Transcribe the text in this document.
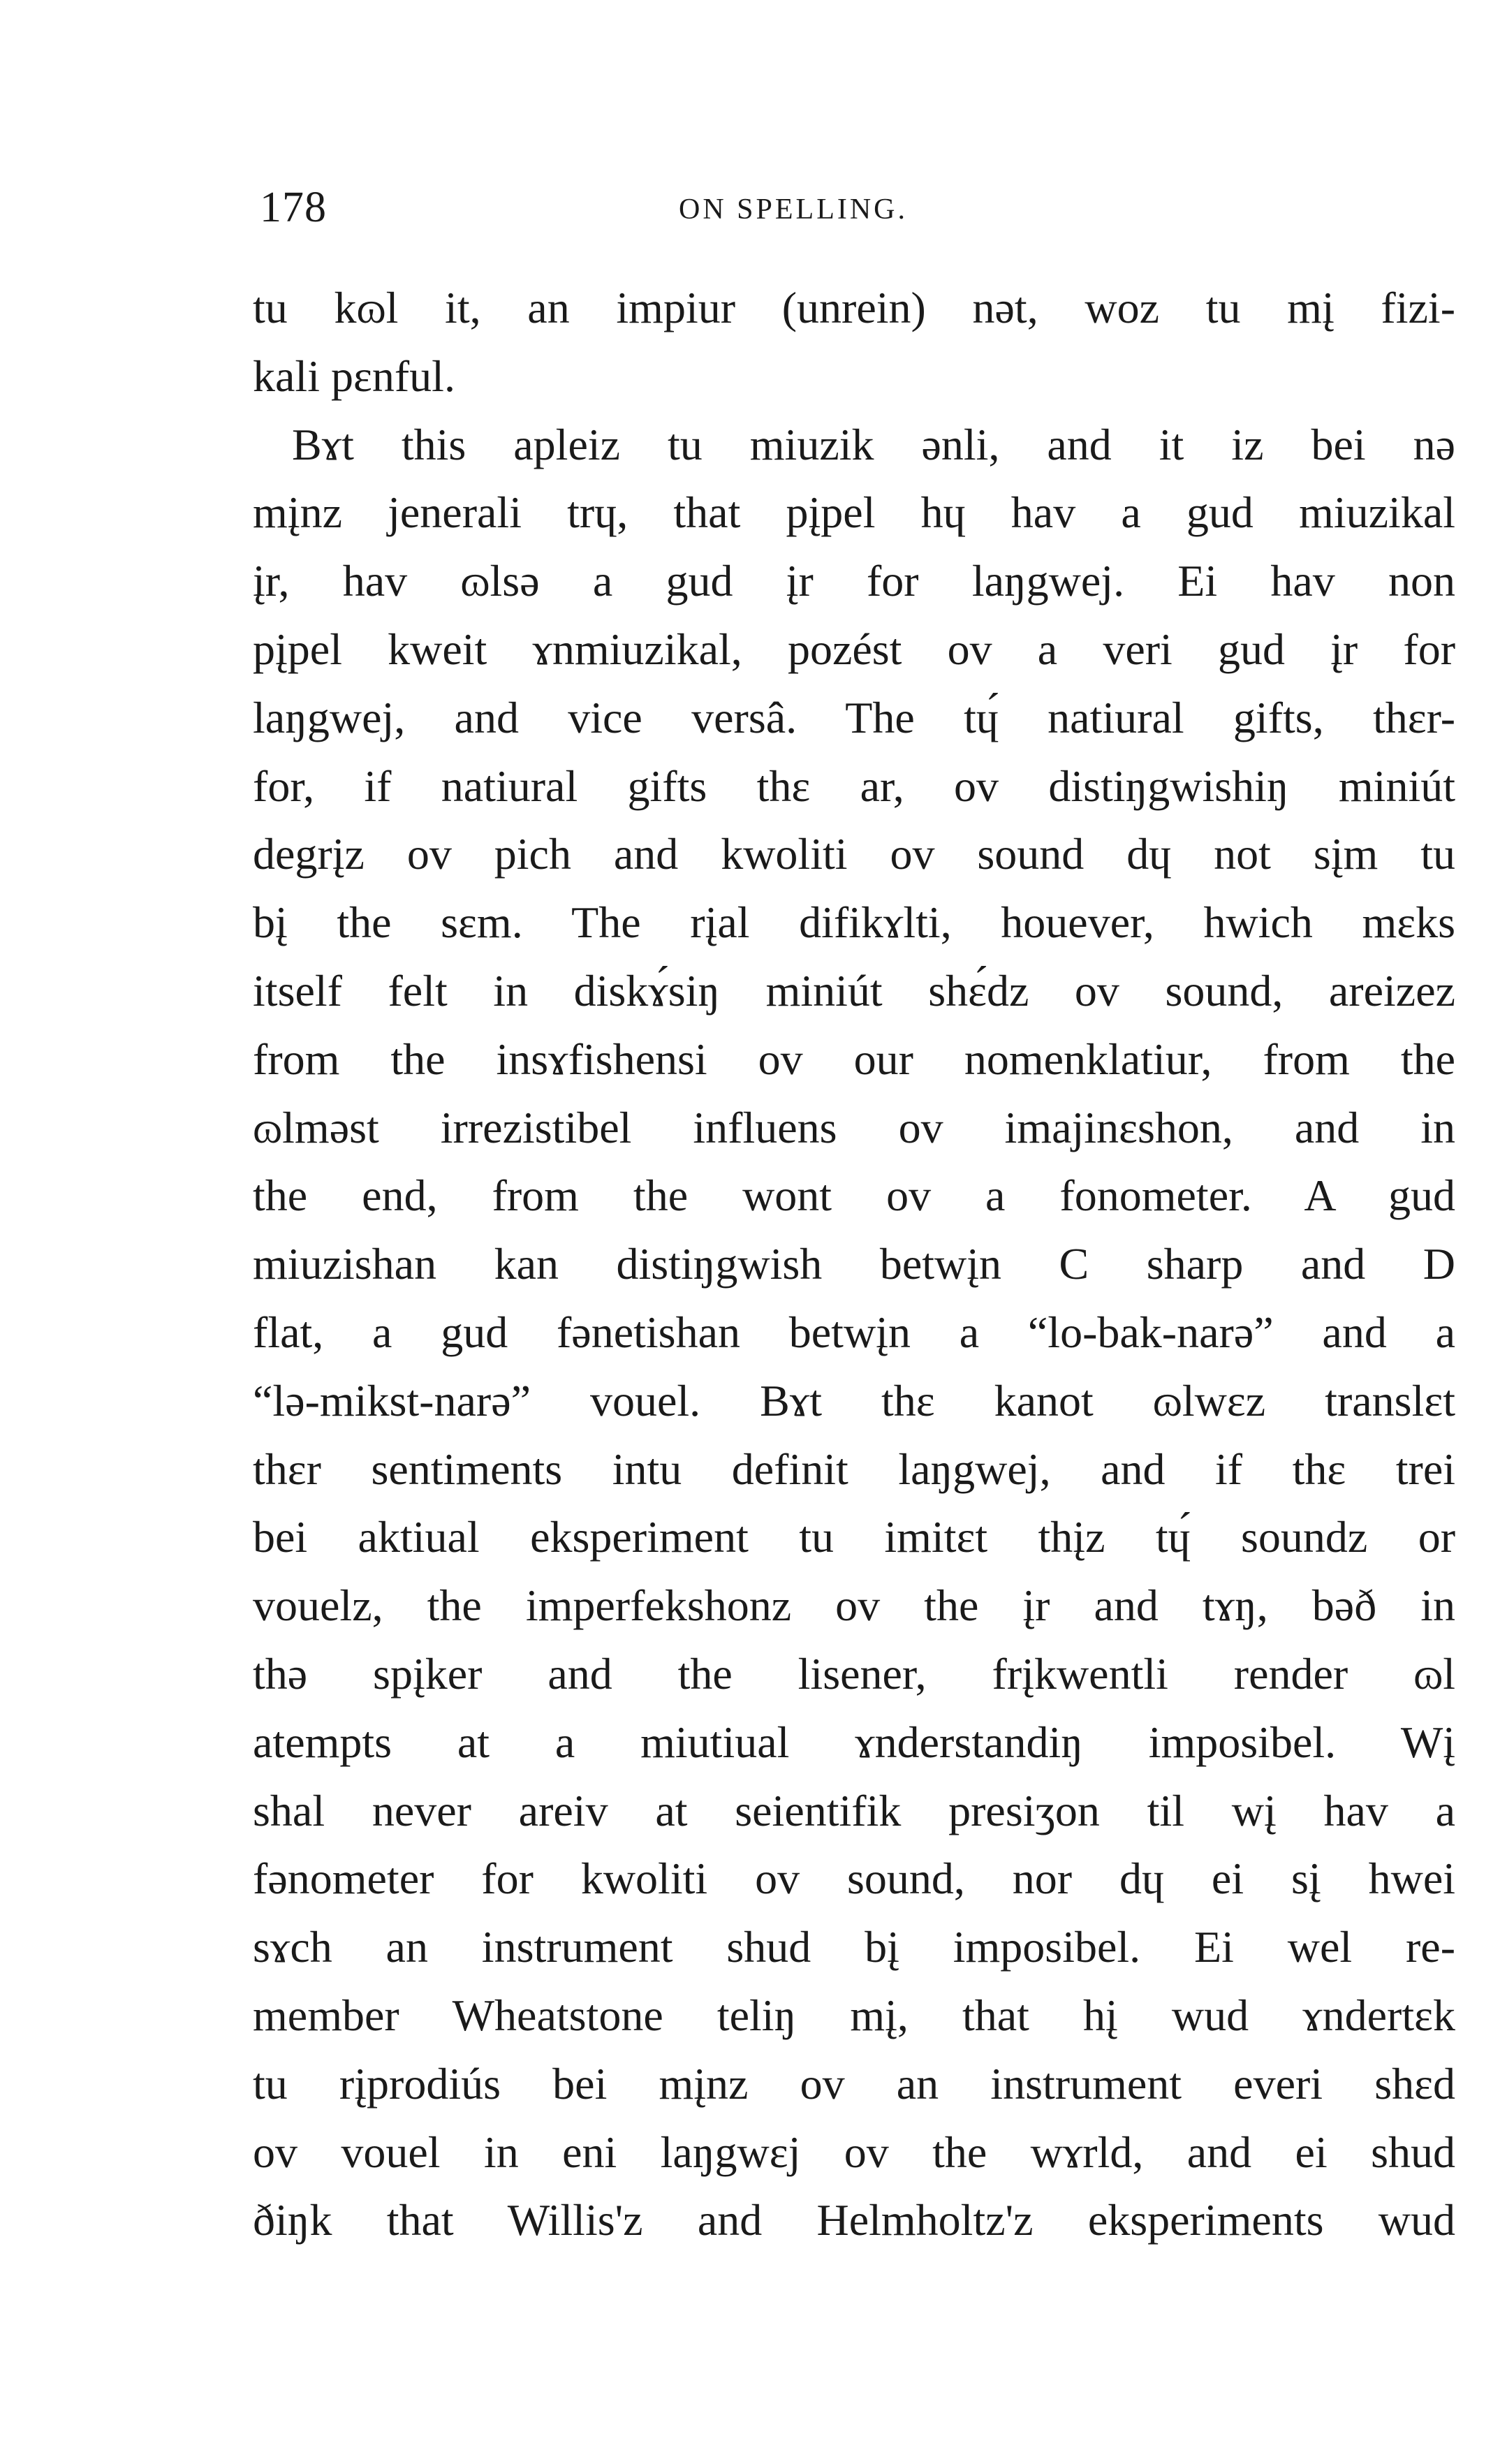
178	ON SPELLING.
tu kɷl it, an impiur (unrein) nət, woz tu mį fizi-
kali pɛnful.
Bɤt this apleiz tu miuzik ənli, and it iz bei nə
mįnz jenerali trɥ, that pįpel hɥ hav a gud miuzikal
įr, hav ɷlsə a gud įr for laŋgwej. Ei hav non
pįpel kweit ɤnmiuzikal, pozést ov a veri gud įr for
laŋgwej, and vice versâ. The tɥ́ natiural gifts, thɛr-
for, if natiural gifts thɛ ar, ov distiŋgwishiŋ miniút
degrįz ov pich and kwoliti ov sound dɥ not sįm tu
bį the sɛm. The rįal difikɤlti, houever, hwich mɛks
itself felt in diskɤ́siŋ miniút shɛ́dz ov sound, areizez
from the insɤfishensi ov our nomenklatiur, from the
ɷlməst irrezistibel influens ov imajinɛshon, and in
the end, from the wont ov a fonometer. A gud
miuzishan kan distiŋgwish betwįn C sharp and D
flat, a gud fənetishan betwįn a “lo-bak-narə” and a
“lə-mikst-narə” vouel. Bɤt thɛ kanot ɷlwɛz translɛt
thɛr sentiments intu definit laŋgwej, and if thɛ trei
bei aktiual eksperiment tu imitɛt thįz tɥ́ soundz or
vouelz, the imperfekshonz ov the įr and tɤŋ, bəð in
thə spįker and the lisener, frįkwentli render ɷl
atempts at a miutiual ɤnderstandiŋ imposibel. Wį
shal never areiv at seientifik presiʒon til wį hav a
fənometer for kwoliti ov sound, nor dɥ ei sį hwei
sɤch an instrument shud bį imposibel. Ei wel re-
member Wheatstone teliŋ mį, that hį wud ɤndertɛk
tu rįprodiús bei mįnz ov an instrument everi shɛd
ov vouel in eni laŋgwɛj ov the wɤrld, and ei shud
ðiŋk that Willis'z and Helmholtz'z eksperiments wud
